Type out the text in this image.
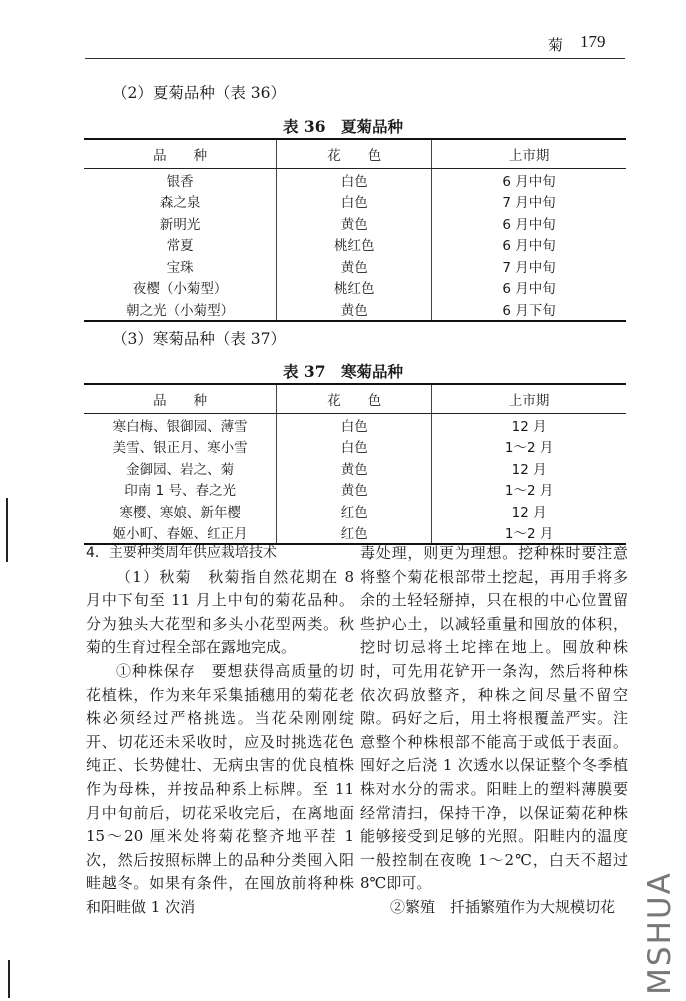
菊 179
（2）夏菊品种（表 36）
表 36　夏菊品种
品　　种	花　　色	上市期
银香	白色	6 月中旬
森之泉	白色	7 月中旬
新明光	黄色	6 月中旬
常夏	桃红色	6 月中旬
宝珠	黄色	7 月中旬
夜樱（小菊型）	桃红色	6 月中旬
朝之光（小菊型）	黄色	6 月下旬
（3）寒菊品种（表 37）
表 37　寒菊品种
品　　种	花　　色	上市期
寒白梅、银御园、薄雪	白色	12 月
美雪、银正月、寒小雪	白色	1～2 月
金御园、岩之、菊	黄色	12 月
印南 1 号、春之光	黄色	1～2 月
寒樱、寒娘、新年樱	红色	12 月
姬小町、春姬、红正月	红色	1～2 月

4．主要种类周年供应栽培技术

（1）秋菊　秋菊指自然花期在 8 月中下旬至 11 月上中旬的菊花品种。分为独头大花型和多头小花型两类。秋菊的生育过程全部在露地完成。

①种株保存　要想获得高质量的切花植株，作为来年采集插穗用的菊花老株必须经过严格挑选。当花朵刚刚绽开、切花还未采收时，应及时挑选花色纯正、长势健壮、无病虫害的优良植株作为母株，并按品种系上标牌。至 11 月中旬前后，切花采收完后，在离地面 15～20 厘米处将菊花整齐地平茬 1 次，然后按照标牌上的品种分类囤入阳畦越冬。如果有条件，在囤放前将种株和阳畦做 1 次消

毒处理，则更为理想。挖种株时要注意将整个菊花根部带土挖起，再用手将多余的土轻轻掰掉，只在根的中心位置留些护心土，以减轻重量和囤放的体积，挖时切忌将土坨摔在地上。囤放种株时，可先用花铲开一条沟，然后将种株依次码放整齐，种株之间尽量不留空隙。码好之后，用土将根覆盖严实。注意整个种株根部不能高于或低于表面。囤好之后浇 1 次透水以保证整个冬季植株对水分的需求。阳畦上的塑料薄膜要经常清扫，保持干净，以保证菊花种株能够接受到足够的光照。阳畦内的温度一般控制在夜晚 1～2℃，白天不超过 8℃即可。

②繁殖　扦插繁殖作为大规模切花 MSHUA
